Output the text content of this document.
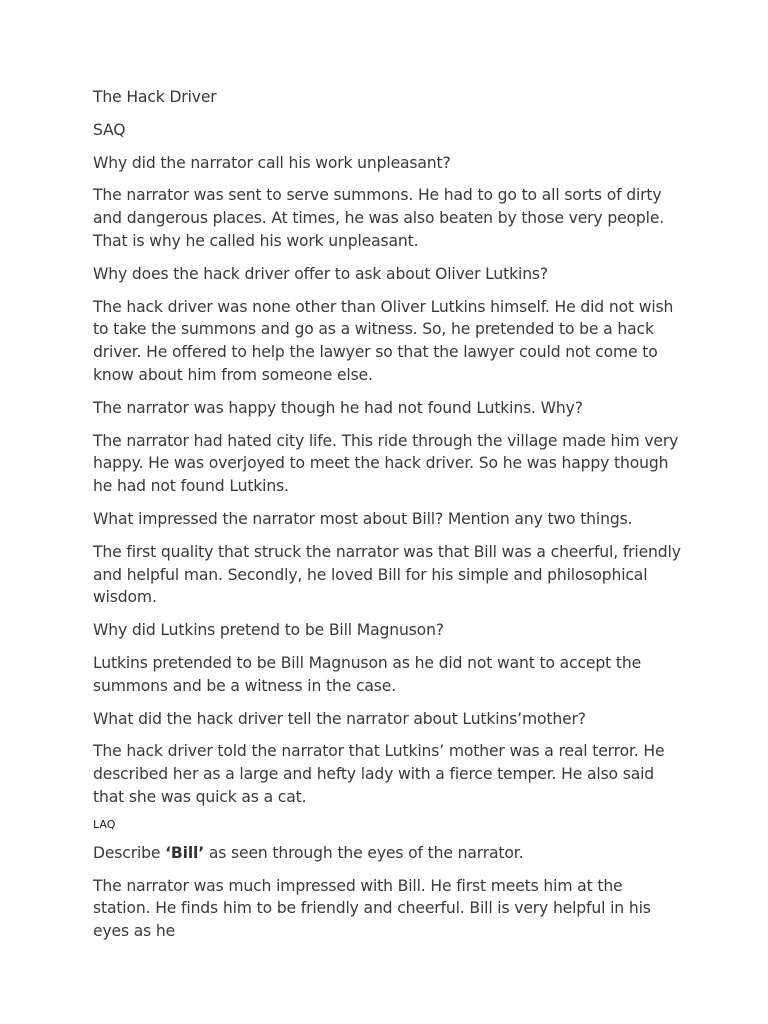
The Hack Driver

SAQ

Why did the narrator call his work unpleasant?

The narrator was sent to serve summons. He had to go to all sorts of dirty and dangerous places. At times, he was also beaten by those very people. That is why he called his work unpleasant.

Why does the hack driver offer to ask about Oliver Lutkins?

The hack driver was none other than Oliver Lutkins himself. He did not wish to take the summons and go as a witness. So, he pretended to be a hack driver. He offered to help the lawyer so that the lawyer could not come to know about him from someone else.

The narrator was happy though he had not found Lutkins. Why?

The narrator had hated city life. This ride through the village made him very happy. He was overjoyed to meet the hack driver. So he was happy though he had not found Lutkins.

What impressed the narrator most about Bill? Mention any two things.

The first quality that struck the narrator was that Bill was a cheerful, friendly and helpful man. Secondly, he loved Bill for his simple and philosophical wisdom.

Why did Lutkins pretend to be Bill Magnuson?

Lutkins pretended to be Bill Magnuson as he did not want to accept the summons and be a witness in the case.

What did the hack driver tell the narrator about Lutkins’mother?

The hack driver told the narrator that Lutkins’ mother was a real terror. He described her as a large and hefty lady with a fierce temper. He also said that she was quick as a cat.

LAQ

Describe ‘Bill’ as seen through the eyes of the narrator.

The narrator was much impressed with Bill. He first meets him at the station. He finds him to be friendly and cheerful. Bill is very helpful in his eyes as he
